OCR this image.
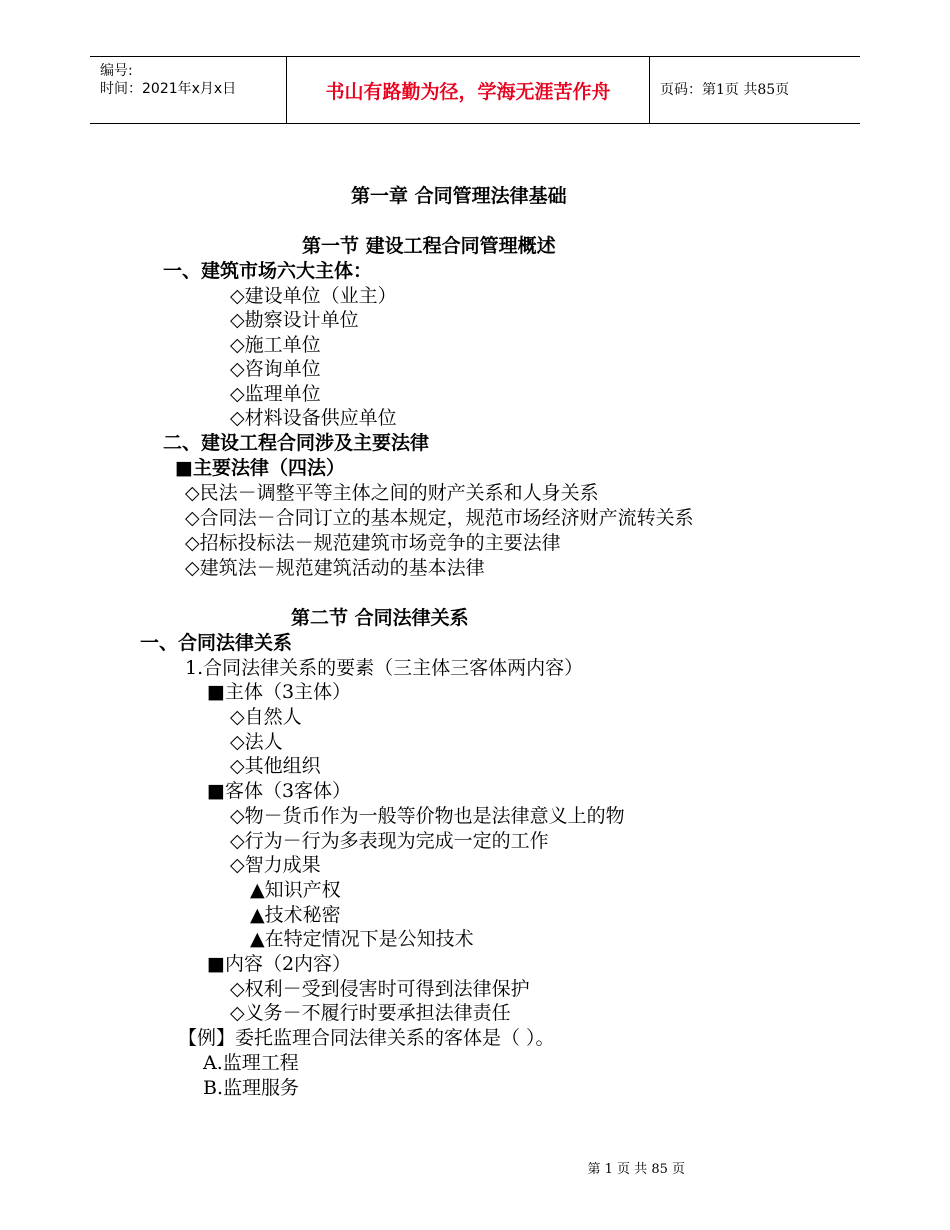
编号:
时间：2021年x月x日	书山有路勤为径，学海无涯苦作舟	页码：第1页 共85页
第一章 合同管理法律基础
第一节 建设工程合同管理概述
一、建筑市场六大主体：
◇建设单位（业主）
◇勘察设计单位
◇施工单位
◇咨询单位
◇监理单位
◇材料设备供应单位
二、建设工程合同涉及主要法律
■主要法律（四法）
◇民法－调整平等主体之间的财产关系和人身关系
◇合同法－合同订立的基本规定，规范市场经济财产流转关系
◇招标投标法－规范建筑市场竞争的主要法律
◇建筑法－规范建筑活动的基本法律
第二节 合同法律关系
一、合同法律关系
1.合同法律关系的要素（三主体三客体两内容）
■主体（3主体）
◇自然人
◇法人
◇其他组织
■客体（3客体）
◇物－货币作为一般等价物也是法律意义上的物
◇行为－行为多表现为完成一定的工作
◇智力成果
▲知识产权
▲技术秘密
▲在特定情况下是公知技术
■内容（2内容）
◇权利－受到侵害时可得到法律保护
◇义务－不履行时要承担法律责任
【例】委托监理合同法律关系的客体是（ ）。
A.监理工程
B.监理服务
第 1 页 共 85 页
